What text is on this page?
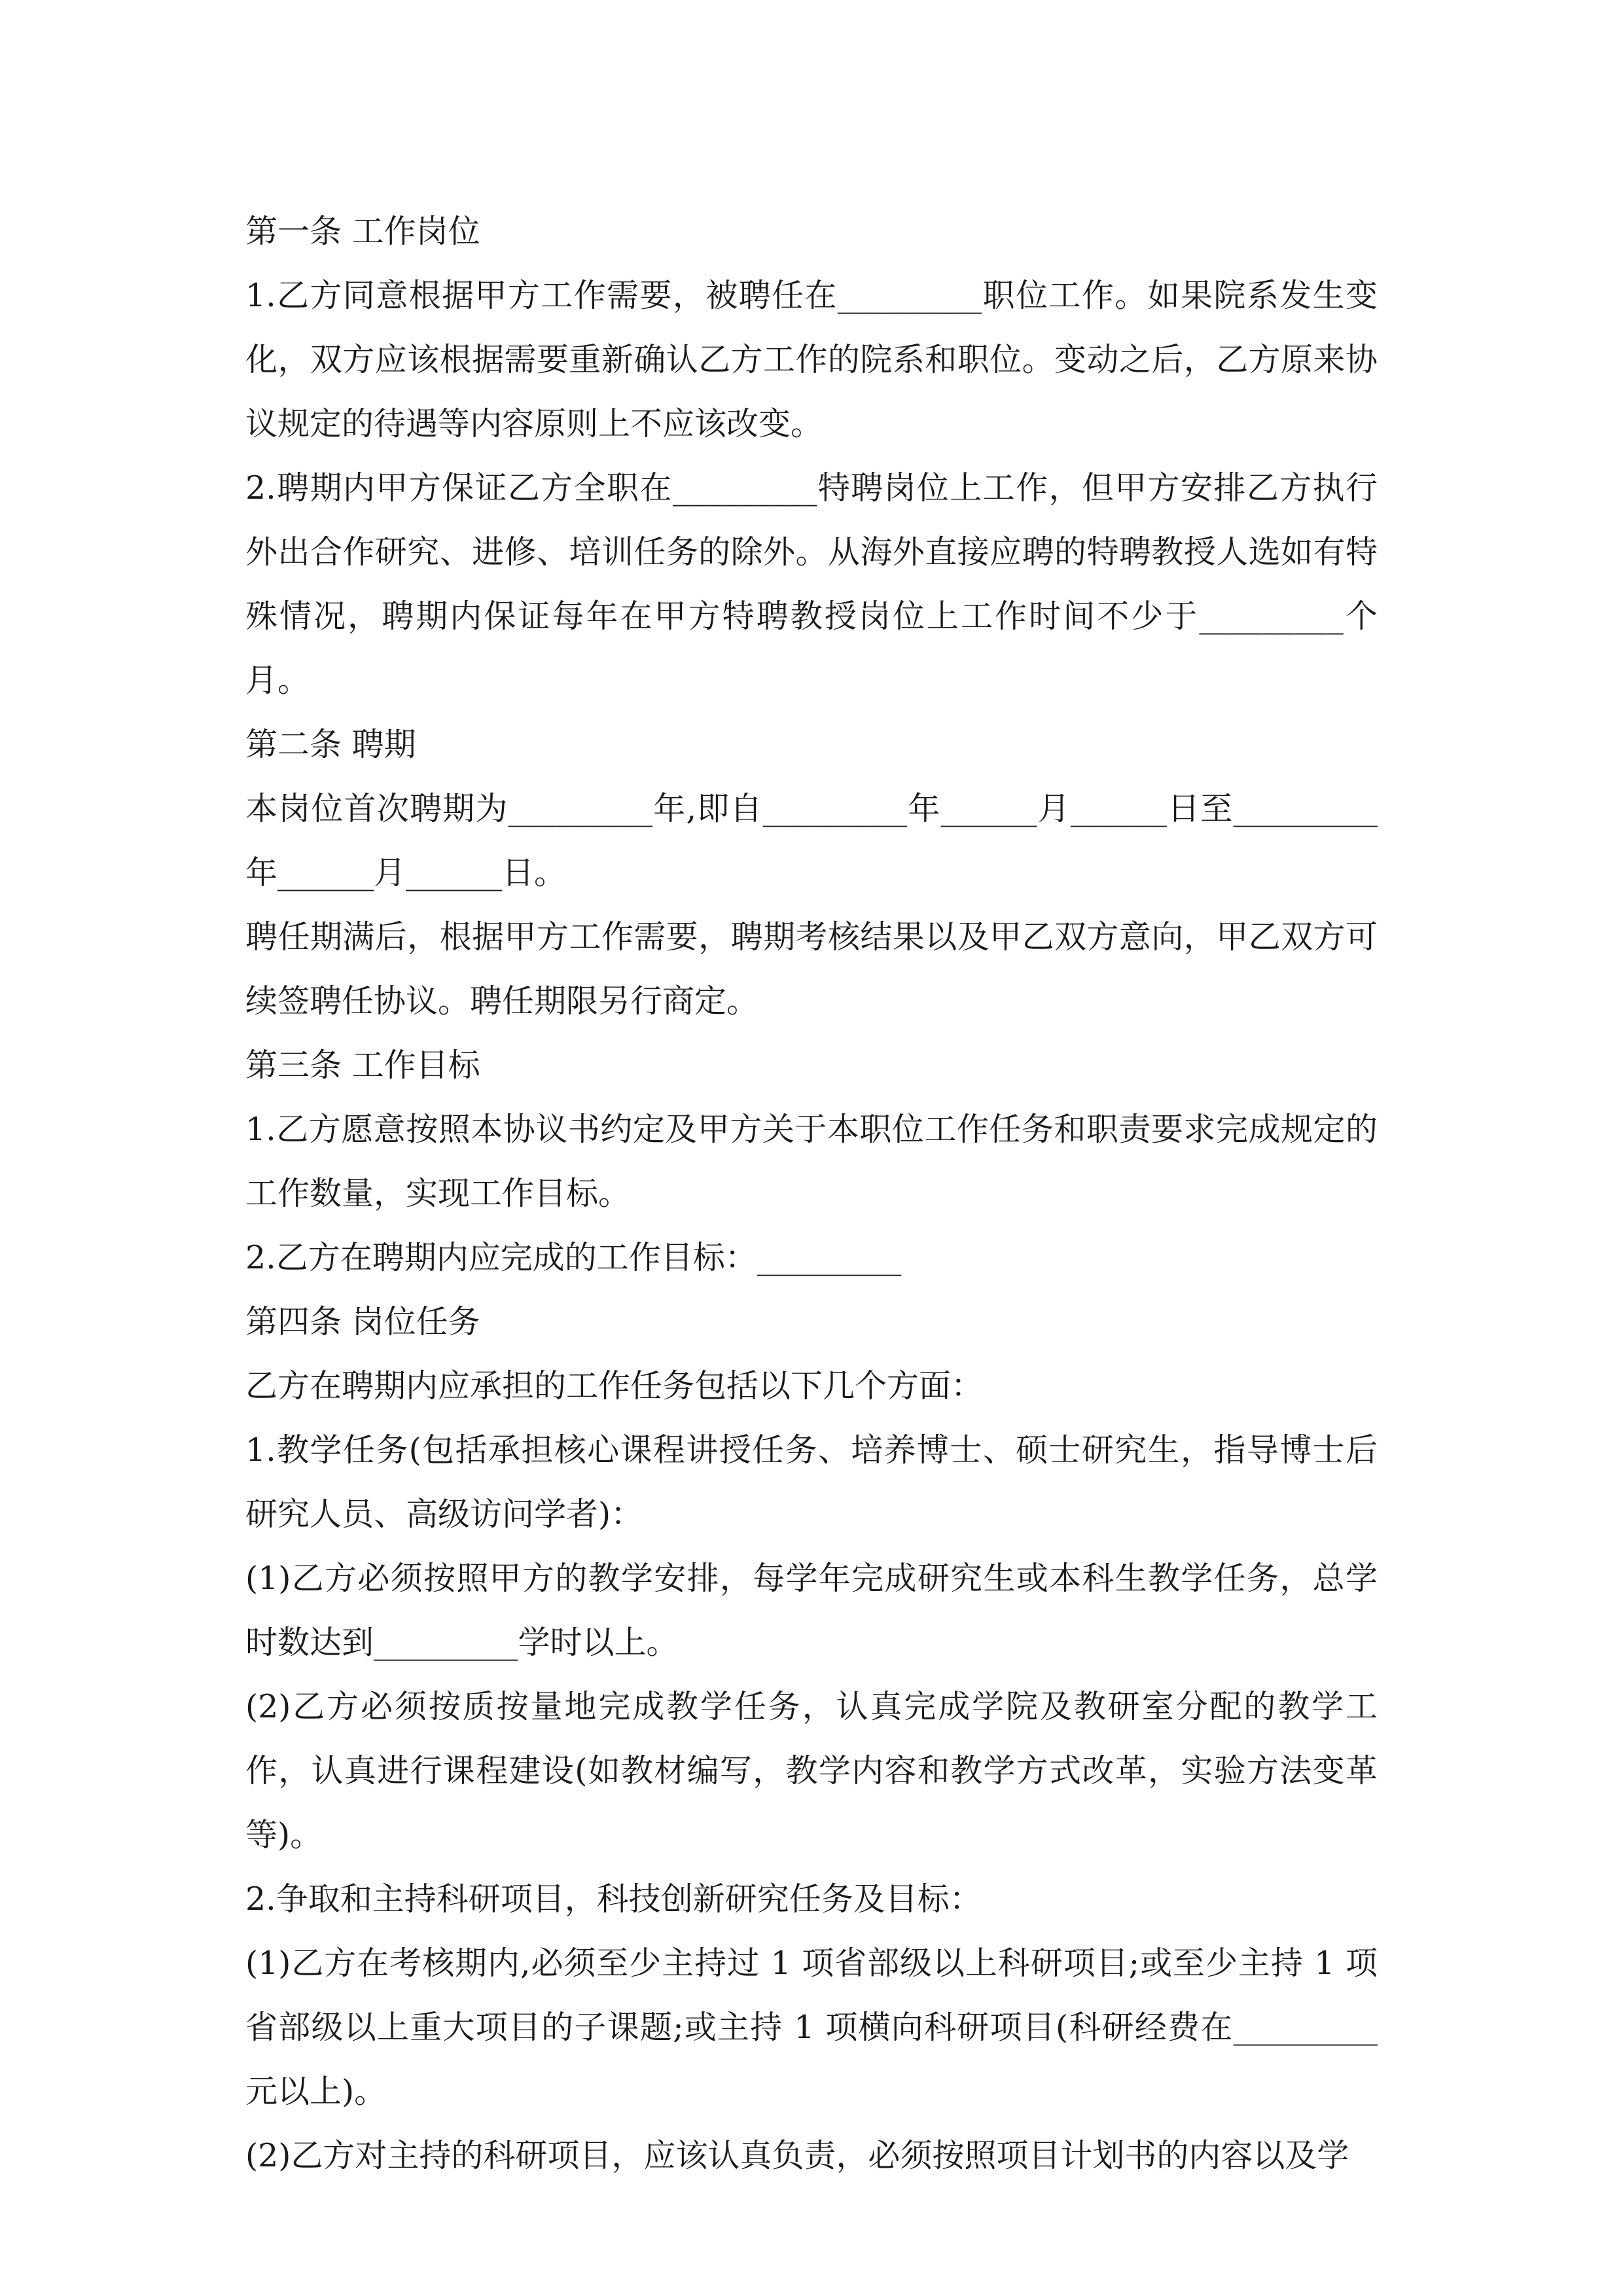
第一条 工作岗位

1.乙方同意根据甲方工作需要，被聘任在_________职位工作。如果院系发生变化，双方应该根据需要重新确认乙方工作的院系和职位。变动之后，乙方原来协议规定的待遇等内容原则上不应该改变。

2.聘期内甲方保证乙方全职在_________特聘岗位上工作，但甲方安排乙方执行外出合作研究、进修、培训任务的除外。从海外直接应聘的特聘教授人选如有特殊情况，聘期内保证每年在甲方特聘教授岗位上工作时间不少于_________个月。

第二条 聘期

本岗位首次聘期为_________年,即自_________年______月______日至_________年______月______日。

聘任期满后，根据甲方工作需要，聘期考核结果以及甲乙双方意向，甲乙双方可续签聘任协议。聘任期限另行商定。

第三条 工作目标

1.乙方愿意按照本协议书约定及甲方关于本职位工作任务和职责要求完成规定的工作数量，实现工作目标。

2.乙方在聘期内应完成的工作目标：_________

第四条 岗位任务

乙方在聘期内应承担的工作任务包括以下几个方面：

1.教学任务(包括承担核心课程讲授任务、培养博士、硕士研究生，指导博士后研究人员、高级访问学者)：

(1)乙方必须按照甲方的教学安排，每学年完成研究生或本科生教学任务，总学时数达到_________学时以上。

(2)乙方必须按质按量地完成教学任务，认真完成学院及教研室分配的教学工作，认真进行课程建设(如教材编写，教学内容和教学方式改革，实验方法变革等)。

2.争取和主持科研项目，科技创新研究任务及目标：

(1)乙方在考核期内,必须至少主持过 1 项省部级以上科研项目;或至少主持 1 项省部级以上重大项目的子课题;或主持 1 项横向科研项目(科研经费在_________元以上)。

(2)乙方对主持的科研项目，应该认真负责，必须按照项目计划书的内容以及学
